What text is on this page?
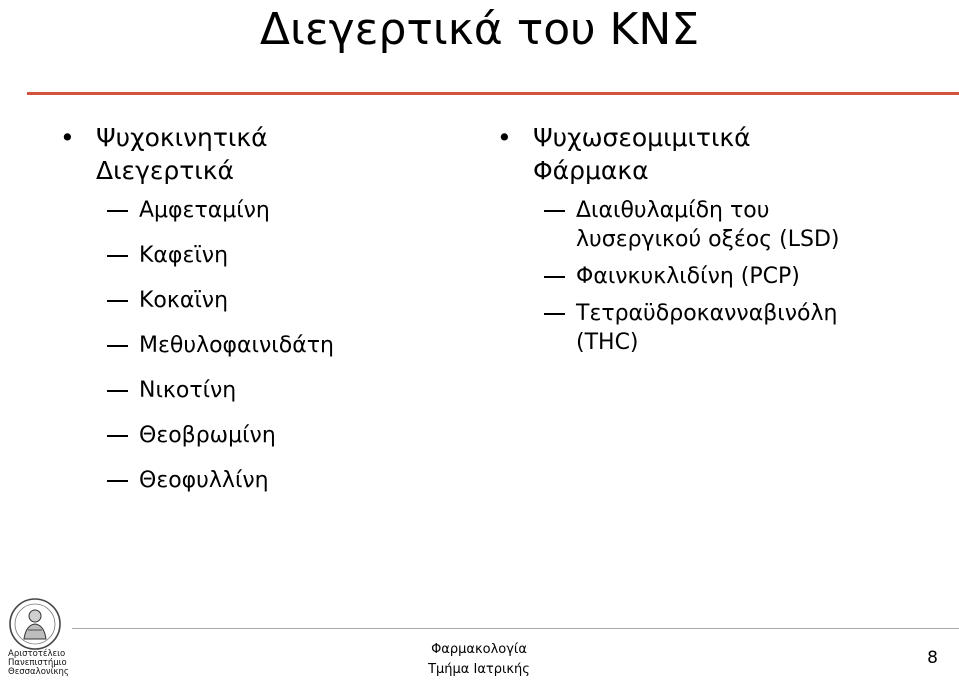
Διεγερτικά του ΚΝΣ
• Ψυχοκινητικά
Διεγερτικά
Αμφεταμίνη
Καφεϊνη
Κοκαϊνη
Μεθυλοφαινιδάτη
Νικοτίνη
Θεοβρωμίνη
Θεοφυλλίνη
• Ψυχωσεομιμιτικά
Φάρμακα
Διαιθυλαμίδη του
λυσεργικού οξέος (LSD)
Φαινκυκλιδίνη (PCP)
Τετραϋδροκανναβινόλη
(THC)
Αριστοτέλειο
Πανεπιστήμιο
Θεσσαλονίκης
Φαρμακολογία
Τμήμα Ιατρικής
8
